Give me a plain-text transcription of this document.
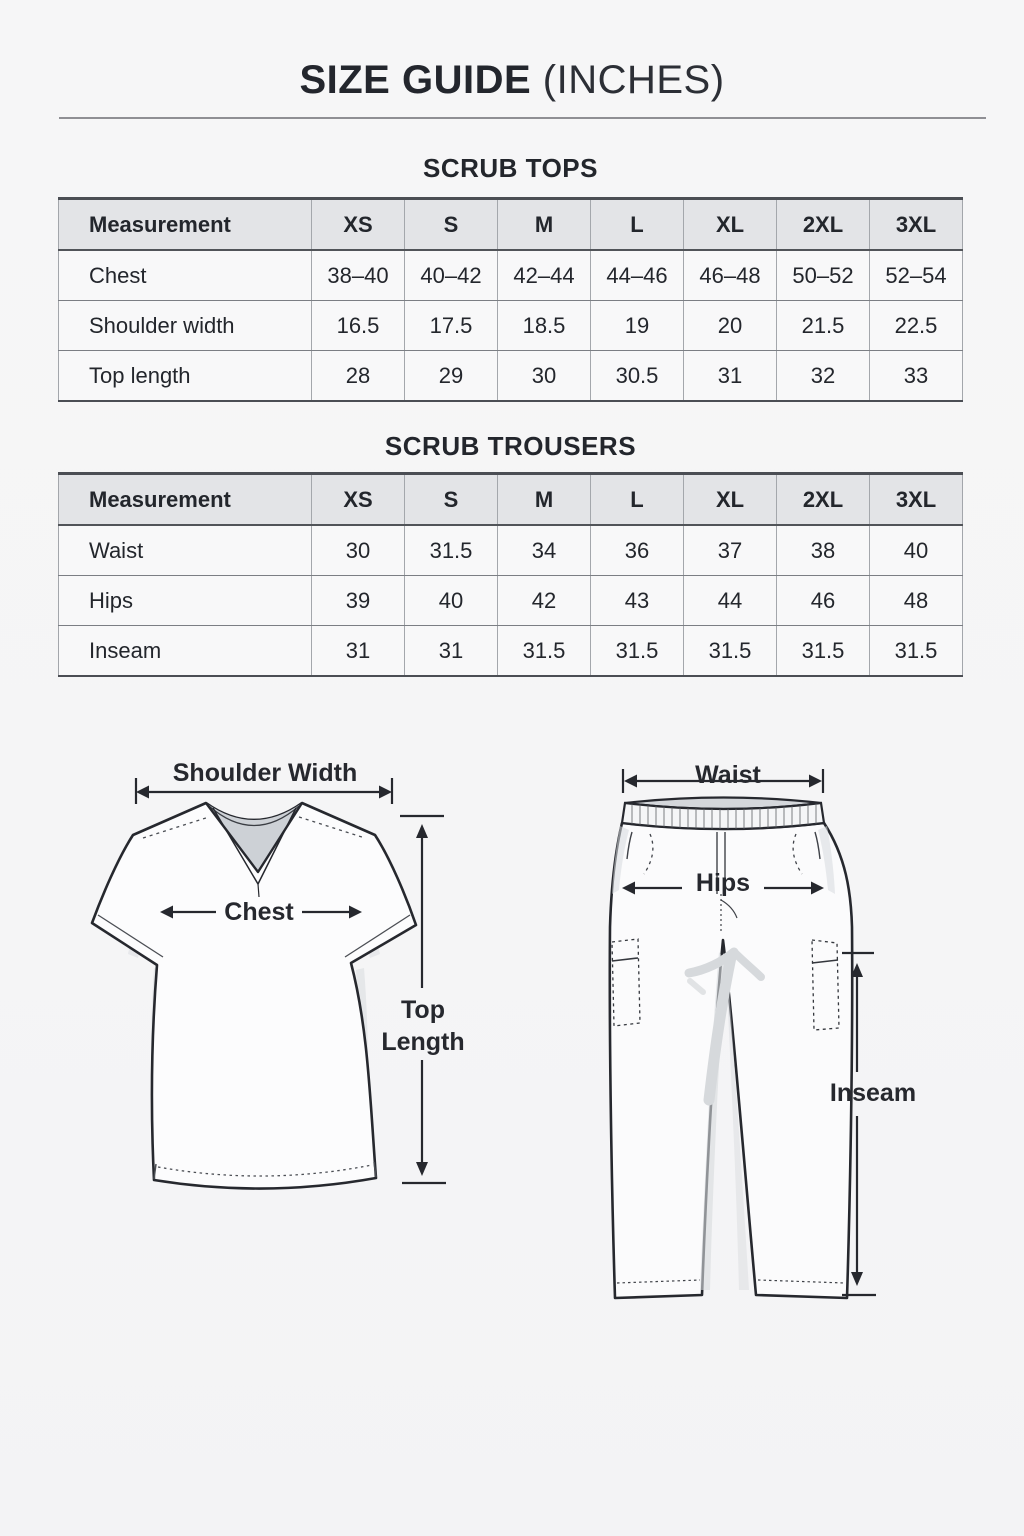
SIZE GUIDE (INCHES)
SCRUB TOPS
Measurement	XS	S	M	L	XL	2XL	3XL
Chest	38–40	40–42	42–44	44–46	46–48	50–52	52–54
Shoulder width	16.5	17.5	18.5	19	20	21.5	22.5
Top length	28	29	30	30.5	31	32	33
SCRUB TROUSERS
Measurement	XS	S	M	L	XL	2XL	3XL
Waist	30	31.5	34	36	37	38	40
Hips	39	40	42	43	44	46	48
Inseam	31	31	31.5	31.5	31.5	31.5	31.5
Shoulder Width
Chest
Top
Length
Waist
Hips
Inseam
